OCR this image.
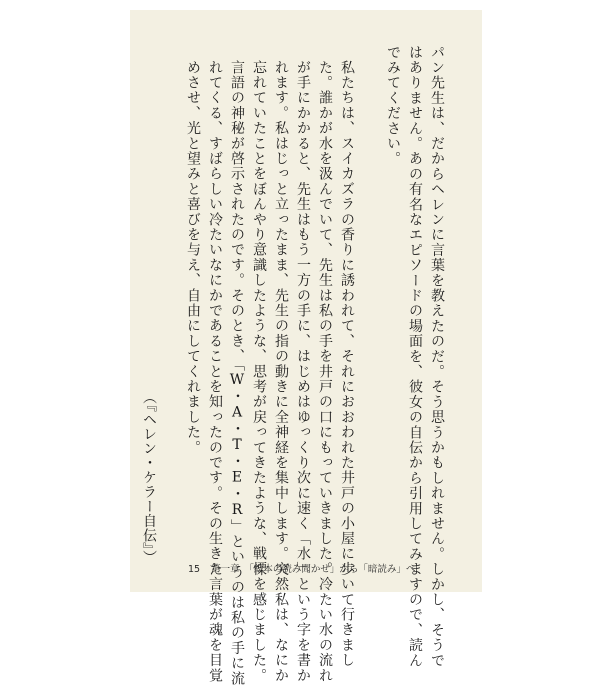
パン先生は、だからヘレンに言葉を教えたのだ。そう思うかもしれません。しかし、そうで
はありません。あの有名なエピソードの場面を、彼女の自伝から引用してみますので、読ん
でみてください。
私たちは、スイカズラの香りに誘われて、それにおおわれた井戸の小屋に歩いて行きまし
た。誰かが水を汲んでいて、先生は私の手を井戸の口にもっていきました。冷たい水の流れ
が手にかかると、先生はもう一方の手に、はじめはゆっくり次に速く「水」という字を書か
れます。私はじっと立ったまま、先生の指の動きに全神経を集中します。突然私は、なにか
忘れていたことをぼんやり意識したような、思考が戻ってきたような、戦慄を感じました。
言語の神秘が啓示されたのです。そのとき、「W・A・T・E・R」というのは私の手に流
れてくる、すばらしい冷たいなにかであることを知ったのです。その生きた言葉が魂を目覚
めさせ、光と望みと喜びを与え、自由にしてくれました。
（『ヘレン・ケラー自伝』）
15 第一章　「絵本の読み聞かせ」から「暗読み」へ
